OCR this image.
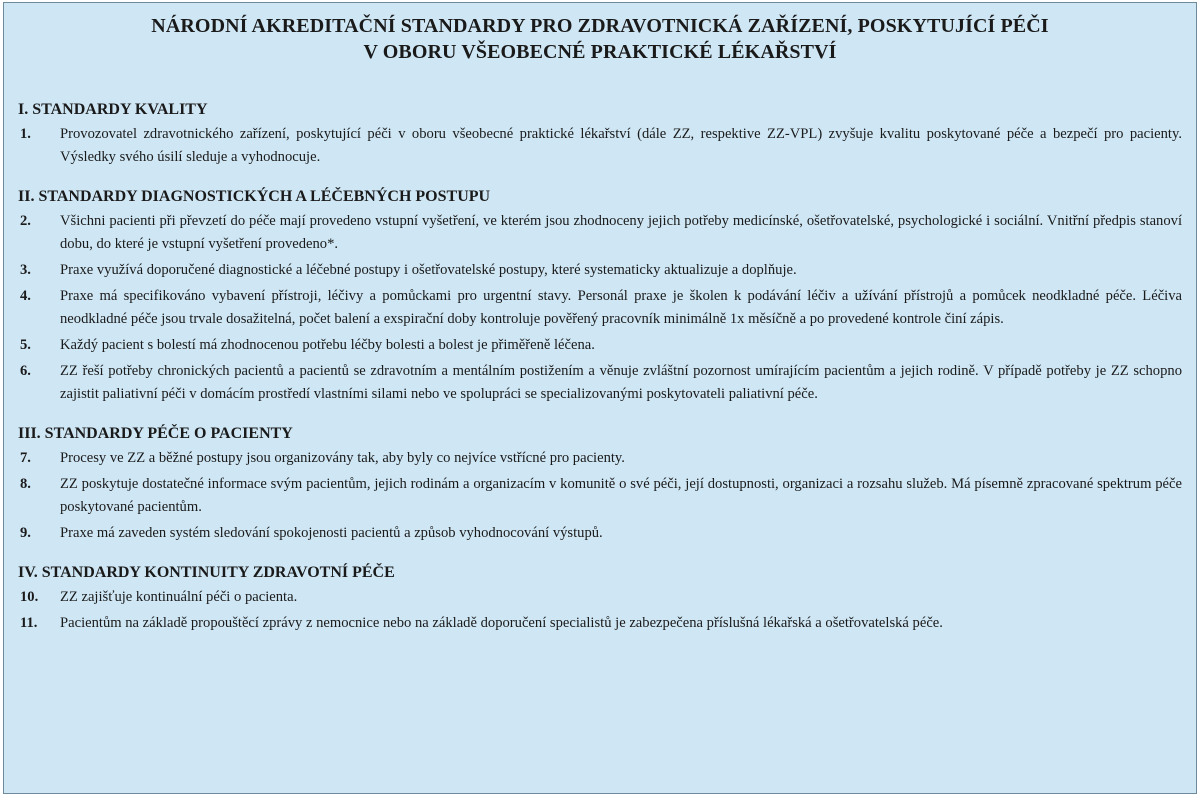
NÁRODNÍ AKREDITAČNÍ STANDARDY PRO ZDRAVOTNICKÁ ZAŘÍZENÍ, POSKYTUJÍCÍ PÉČI
V OBORU VŠEOBECNÉ PRAKTICKÉ LÉKAŘSTVÍ
I. STANDARDY KVALITY
1.	Provozovatel zdravotnického zařízení, poskytující péči v oboru všeobecné praktické lékařství (dále ZZ, respektive ZZ-VPL) zvyšuje kvalitu poskytované péče a bezpečí pro pacienty. Výsledky svého úsilí sleduje a vyhodnocuje.
II. STANDARDY DIAGNOSTICKÝCH A LÉČEBNÝCH POSTUPU
2.	Všichni pacienti při převzetí do péče mají provedeno vstupní vyšetření, ve kterém jsou zhodnoceny jejich potřeby medicínské, ošetřovatelské, psychologické i sociální. Vnitřní předpis stanoví dobu, do které je vstupní vyšetření provedeno*.
3.	Praxe využívá doporučené diagnostické a léčebné postupy i ošetřovatelské postupy, které systematicky aktualizuje a doplňuje.
4.	Praxe má specifikováno vybavení přístroji, léčivy a pomůckami pro urgentní stavy. Personál praxe je školen k podávání léčiv a užívání přístrojů a pomůcek neodkladné péče. Léčiva neodkladné péče jsou trvale dosažitelná, počet balení a exspirační doby kontroluje pověřený pracovník minimálně 1x měsíčně a po provedené kontrole činí zápis.
5.	Každý pacient s bolestí má zhodnocenou potřebu léčby bolesti a bolest je přiměřeně léčena.
6.	ZZ řeší potřeby chronických pacientů a pacientů se zdravotním a mentálním postižením a věnuje zvláštní pozornost umírajícím pacientům a jejich rodině. V případě potřeby je ZZ schopno zajistit paliativní péči v domácím prostředí vlastními silami nebo ve spolupráci se specializovanými poskytovateli paliativní péče.
III. STANDARDY PÉČE O PACIENTY
7.	Procesy ve ZZ a běžné postupy jsou organizovány tak, aby byly co nejvíce vstřícné pro pacienty.
8.	ZZ poskytuje dostatečné informace svým pacientům, jejich rodinám a organizacím v komunitě o své péči, její dostupnosti, organizaci a rozsahu služeb. Má písemně zpracované spektrum péče poskytované pacientům.
9.	Praxe má zaveden systém sledování spokojenosti pacientů a způsob vyhodnocování výstupů.
IV. STANDARDY KONTINUITY ZDRAVOTNÍ PÉČE
10.	ZZ zajišťuje kontinuální péči o pacienta.
11.	Pacientům na základě propouštěcí zprávy z nemocnice nebo na základě doporučení specialistů je zabezpečena příslušná lékařská a ošetřovatelská péče.
